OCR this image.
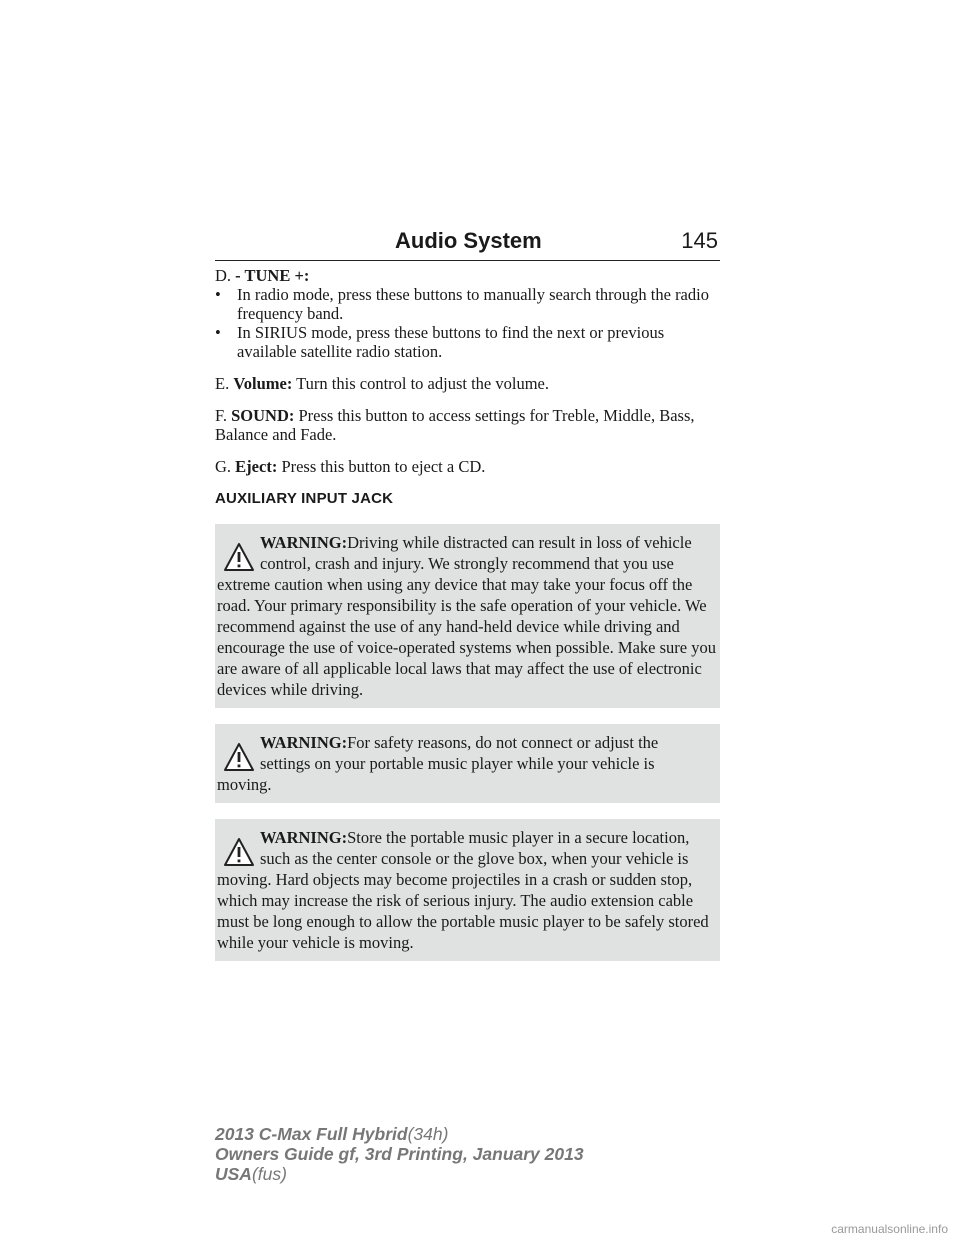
Audio System	145

D. - TUNE +:

• In radio mode, press these buttons to manually search through the radio frequency band.
• In SIRIUS mode, press these buttons to find the next or previous available satellite radio station.

E. Volume: Turn this control to adjust the volume.

F. SOUND: Press this button to access settings for Treble, Middle, Bass, Balance and Fade.

G. Eject: Press this button to eject a CD.

AUXILIARY INPUT JACK

WARNING:Driving while distracted can result in loss of vehicle
control, crash and injury. We strongly recommend that you use
extreme caution when using any device that may take your focus off the road. Your primary responsibility is the safe operation of your vehicle. We recommend against the use of any hand-held device while driving and encourage the use of voice-operated systems when possible. Make sure you are aware of all applicable local laws that may affect the use of electronic devices while driving.
WARNING:For safety reasons, do not connect or adjust the
settings on your portable music player while your vehicle is
moving.
WARNING:Store the portable music player in a secure location,
such as the center console or the glove box, when your vehicle is
moving. Hard objects may become projectiles in a crash or sudden stop, which may increase the risk of serious injury. The audio extension cable must be long enough to allow the portable music player to be safely stored while your vehicle is moving.
2013 C-Max Full Hybrid(34h)
Owners Guide gf, 3rd Printing, January 2013
USA(fus)
carmanualsonline.info
